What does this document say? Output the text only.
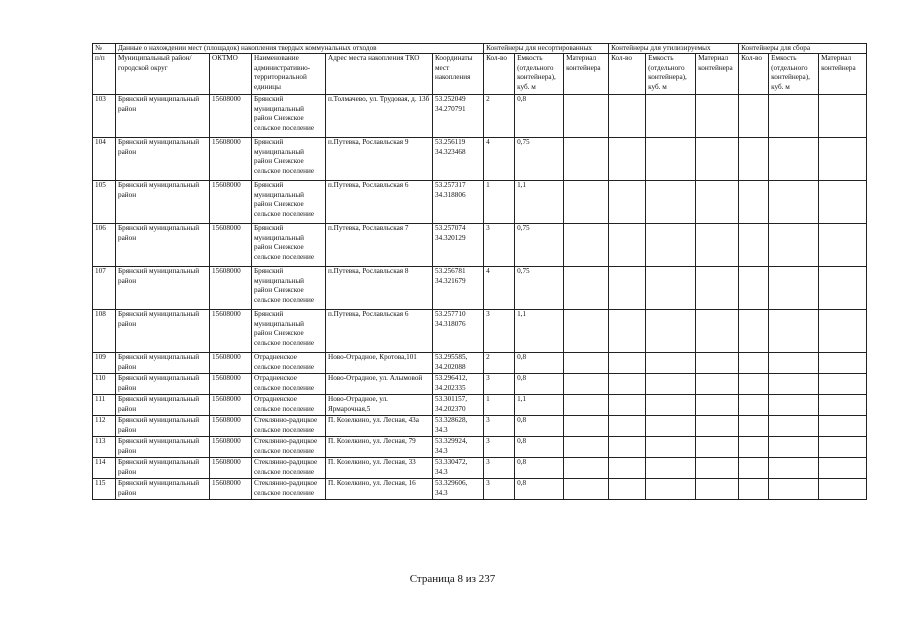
№	Данные о нахождении мест (площадок) накопления твердых коммунальных отходов					Контейнеры для несортированных			Контейнеры для утилизируемых			Контейнеры для сбора		
п/п	Муниципальный район/городской округ	ОКТМО	Наименование административно-территориальной единицы	Адрес места накопления ТКО	Координаты мест накопления	Кол-во	Емкость (отдельного контейнера), куб. м	Материал контейнера	Кол-во	Емкость (отдельного контейнера), куб. м	Материал контейнера	Кол-во	Емкость (отдельного контейнера), куб. м	Материал контейнера
103	Брянский муниципальный район	15608000	Брянский муниципальный район Снежское сельское поселение	п.Толмачево, ул. Трудовая, д. 13б	53.252049 34.270791	2	0,8							
104	Брянский муниципальный район	15608000	Брянский муниципальный район Снежское сельское поселение	п.Путевка, Рославльская 9	53.256119 34.323468	4	0,75							
105	Брянский муниципальный район	15608000	Брянский муниципальный район Снежское сельское поселение	п.Путевка, Рославльская 6	53.257317 34.318806	1	1,1							
106	Брянский муниципальный район	15608000	Брянский муниципальный район Снежское сельское поселение	п.Путевка, Рославльская 7	53.257074 34.320129	3	0,75							
107	Брянский муниципальный район	15608000	Брянский муниципальный район Снежское сельское поселение	п.Путевка, Рославльская 8	53.256781 34.321679	4	0,75							
108	Брянский муниципальный район	15608000	Брянский муниципальный район Снежское сельское поселение	п.Путевка, Рославльская 6	53.257710 34.318076	3	1,1							
109	Брянский муниципальный район	15608000	Отрадненское сельское поселение	Ново-Отрадное, Кротова,101	53.295585, 34.202088	2	0,8							
110	Брянский муниципальный район	15608000	Отрадненское сельское поселение	Ново-Отрадное, ул. Алымовой	53.296412, 34.202335	3	0,8							
111	Брянский муниципальный район	15608000	Отрадненское сельское поселение	Ново-Отрадное, ул. Ярмарочная,5	53.301157, 34.202370	1	1,1							
112	Брянский муниципальный район	15608000	Стеклянно-радицкое сельское поселение	П. Козелкино, ул. Лесная, 43а	53.328628, 34.3	3	0,8							
113	Брянский муниципальный район	15608000	Стеклянно-радицкое сельское поселение	П. Козелкино, ул. Лесная, 79	53.329924, 34.3	3	0,8							
114	Брянский муниципальный район	15608000	Стеклянно-радицкое сельское поселение	П. Козелкино, ул. Лесная, 33	53.330472, 34.3	3	0,8							
115	Брянский муниципальный район	15608000	Стеклянно-радицкое сельское поселение	П. Козелкино, ул. Лесная, 16	53.329606, 34.3	3	0,8							
Страница 8 из 237
